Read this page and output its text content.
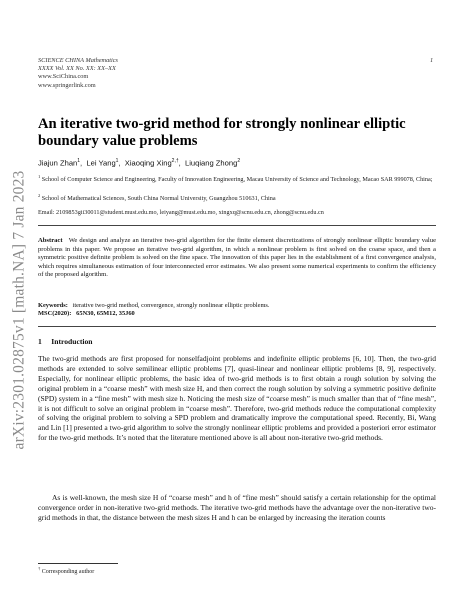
arXiv:2301.02875v1 [math.NA] 7 Jan 2023
SCIENCE CHINA Mathematics
XXXX Vol. XX No. XX: XX–XX
www.SciChina.com
www.springerlink.com
1
An iterative two-grid method for strongly nonlinear elliptic boundary value problems
Jiajun Zhan$^1$,  Lei Yang$^1$,  Xiaoqing Xing$^{2,\dagger}$,  Liuqiang Zhong$^2$
$^1$ School of Computer Science and Engineering, Faculty of Innovation Engineering, Macau University of Science and Technology, Macao SAR 999078, China;
$^2$ School of Mathematical Sciences, South China Normal University, Guangzhou 510631, China
Email: 2109853gii30011@student.must.edu.mo, leiyang@must.edu.mo, xingxq@scnu.edu.cn, zhong@scnu.edu.cn
Abstract We design and analyze an iterative two-grid algorithm for the finite element discretizations of strongly nonlinear elliptic boundary value problems in this paper. We propose an iterative two-grid algorithm, in which a nonlinear problem is first solved on the coarse space, and then a symmetric positive definite problem is solved on the fine space. The innovation of this paper lies in the establishment of a first convergence analysis, which requires simultaneous estimation of four interconnected error estimates. We also present some numerical experiments to confirm the efficiency of the proposed algorithm.
Keywords: iterative two-grid method, convergence, strongly nonlinear elliptic problems.
MSC(2020): 65N30, 65M12, 35J60
1 Introduction
The two-grid methods are first proposed for nonselfadjoint problems and indefinite elliptic problems [6, 10]. Then, the two-grid methods are extended to solve semilinear elliptic problems [7], quasi-linear and nonlinear elliptic problems [8, 9], respectively. Especially, for nonlinear elliptic problems, the basic idea of two-grid methods is to first obtain a rough solution by solving the original problem in a “coarse mesh” with mesh size H, and then correct the rough solution by solving a symmetric positive definite (SPD) system in a “fine mesh” with mesh size h. Noticing the mesh size of “coarse mesh” is much smaller than that of “fine mesh”, it is not difficult to solve an original problem in “coarse mesh”. Therefore, two-grid methods reduce the computational complexity of solving the original problem to solving a SPD problem and dramatically improve the computational speed. Recently, Bi, Wang and Lin [1] presented a two-grid algorithm to solve the strongly nonlinear elliptic problems and provided a posteriori error estimator for the two-grid methods. It’s noted that the literature mentioned above is all about non-iterative two-grid methods.
As is well-known, the mesh size H of “coarse mesh” and h of “fine mesh” should satisfy a certain relationship for the optimal convergence order in non-iterative two-grid methods. The iterative two-grid methods have the advantage over the non-iterative two-grid methods in that, the distance between the mesh sizes H and h can be enlarged by increasing the iteration counts
† Corresponding author
